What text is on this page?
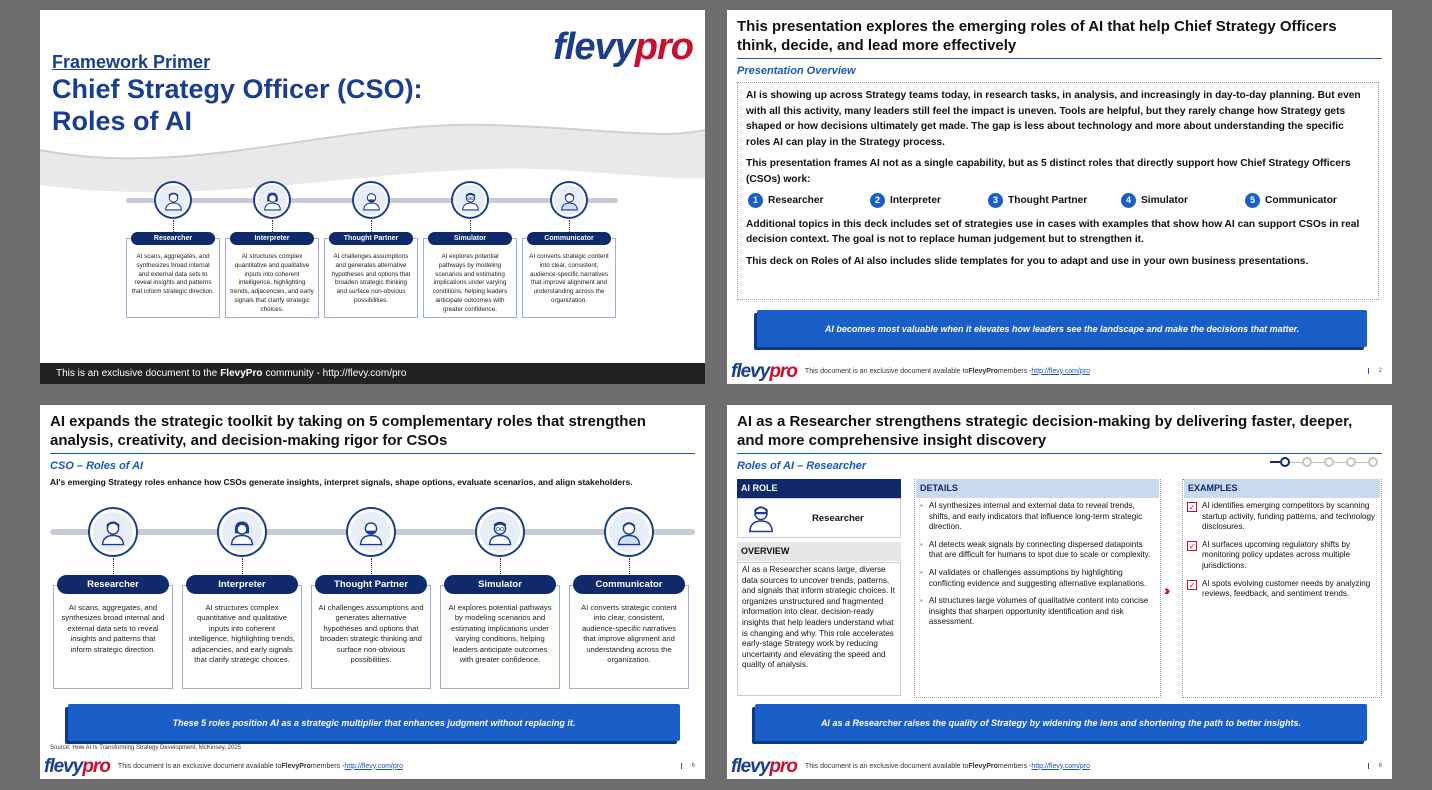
flevypro
Framework Primer
Chief Strategy Officer (CSO):
Roles of AI
AI scans, aggregates, and synthesizes broad internal and external data sets to reveal insights and patterns that inform strategic direction.
Researcher
AI structures complex quantitative and qualitative inputs into coherent intelligence, highlighting trends, adjacencies, and early signals that clarify strategic choices.
Interpreter
AI challenges assumptions and generates alternative hypotheses and options that broaden strategic thinking and surface non-obvious possibilities.
Thought Partner
AI explores potential pathways by modeling scenarios and estimating implications under varying conditions, helping leaders anticipate outcomes with greater confidence.
Simulator
AI converts strategic content into clear, consistent, audience-specific narratives that improve alignment and understanding across the organization.
Communicator
This is an exclusive document to the FlevyPro community - http://flevy.com/pro
This presentation explores the emerging roles of AI that help Chief Strategy Officers think, decide, and lead more effectively
Presentation Overview

AI is showing up across Strategy teams today, in research tasks, in analysis, and increasingly in day-to-day planning. But even with all this activity, many leaders still feel the impact is uneven. Tools are helpful, but they rarely change how Strategy gets shaped or how decisions ultimately get made. The gap is less about technology and more about understanding the specific roles AI can play in the Strategy process.

This presentation frames AI not as a single capability, but as 5 distinct roles that directly support how Chief Strategy Officers (CSOs) work:

1 Researcher	2 Interpreter	3 Thought Partner	4 Simulator	5 Communicator

Additional topics in this deck includes set of strategies use in cases with examples that show how AI can support CSOs in real decision context. The goal is not to replace human judgement but to strengthen it.

This deck on Roles of AI also includes slide templates for you to adapt and use in your own business presentations.

AI becomes most valuable when it elevates how leaders see the landscape and make the decisions that matter.
flevypro This document is an exclusive document available to FlevyPro members - http://flevy.com/pro	2
AI expands the strategic toolkit by taking on 5 complementary roles that strengthen analysis, creativity, and decision-making rigor for CSOs
CSO – Roles of AI
AI's emerging Strategy roles enhance how CSOs generate insights, interpret signals, shape options, evaluate scenarios, and align stakeholders.
AI scans, aggregates, and synthesizes broad internal and external data sets to reveal insights and patterns that inform strategic direction.
Researcher
AI structures complex quantitative and qualitative inputs into coherent intelligence, highlighting trends, adjacencies, and early signals that clarify strategic choices.
Interpreter
AI challenges assumptions and generates alternative hypotheses and options that broaden strategic thinking and surface non-obvious possibilities.
Thought Partner
AI explores potential pathways by modeling scenarios and estimating implications under varying conditions, helping leaders anticipate outcomes with greater confidence.
Simulator
AI converts strategic content into clear, consistent, audience-specific narratives that improve alignment and understanding across the organization.
Communicator
These 5 roles position AI as a strategic multiplier that enhances judgment without replacing it.
Source: How AI Is Transforming Strategy Development, McKinsey, 2025
flevypro This document is an exclusive document available to FlevyPro members - http://flevy.com/pro	6
AI as a Researcher strengthens strategic decision-making by delivering faster, deeper, and more comprehensive insight discovery
Roles of AI – Researcher
AI ROLE
Researcher
OVERVIEW
AI as a Researcher scans large, diverse data sources to uncover trends, patterns, and signals that inform strategic choices. It organizes unstructured and fragmented information into clear, decision-ready insights that help leaders understand what is changing and why. This role accelerates early-stage Strategy work by reducing uncertainty and elevating the speed and quality of analysis.
DETAILS
▪ AI synthesizes internal and external data to reveal trends, shifts, and early indicators that influence long-term strategic direction.
▪ AI detects weak signals by connecting dispersed datapoints that are difficult for humans to spot due to scale or complexity.
▪ AI validates or challenges assumptions by highlighting conflicting evidence and suggesting alternative explanations.
▪ AI structures large volumes of qualitative content into concise insights that sharpen opportunity identification and risk assessment.
››
EXAMPLES
✓ AI identifies emerging competitors by scanning startup activity, funding patterns, and technology disclosures.
✓ AI surfaces upcoming regulatory shifts by monitoring policy updates across multiple jurisdictions.
✓ AI spots evolving customer needs by analyzing reviews, feedback, and sentiment trends.
AI as a Researcher raises the quality of Strategy by widening the lens and shortening the path to better insights.
flevypro This document is an exclusive document available to FlevyPro members - http://flevy.com/pro	8
